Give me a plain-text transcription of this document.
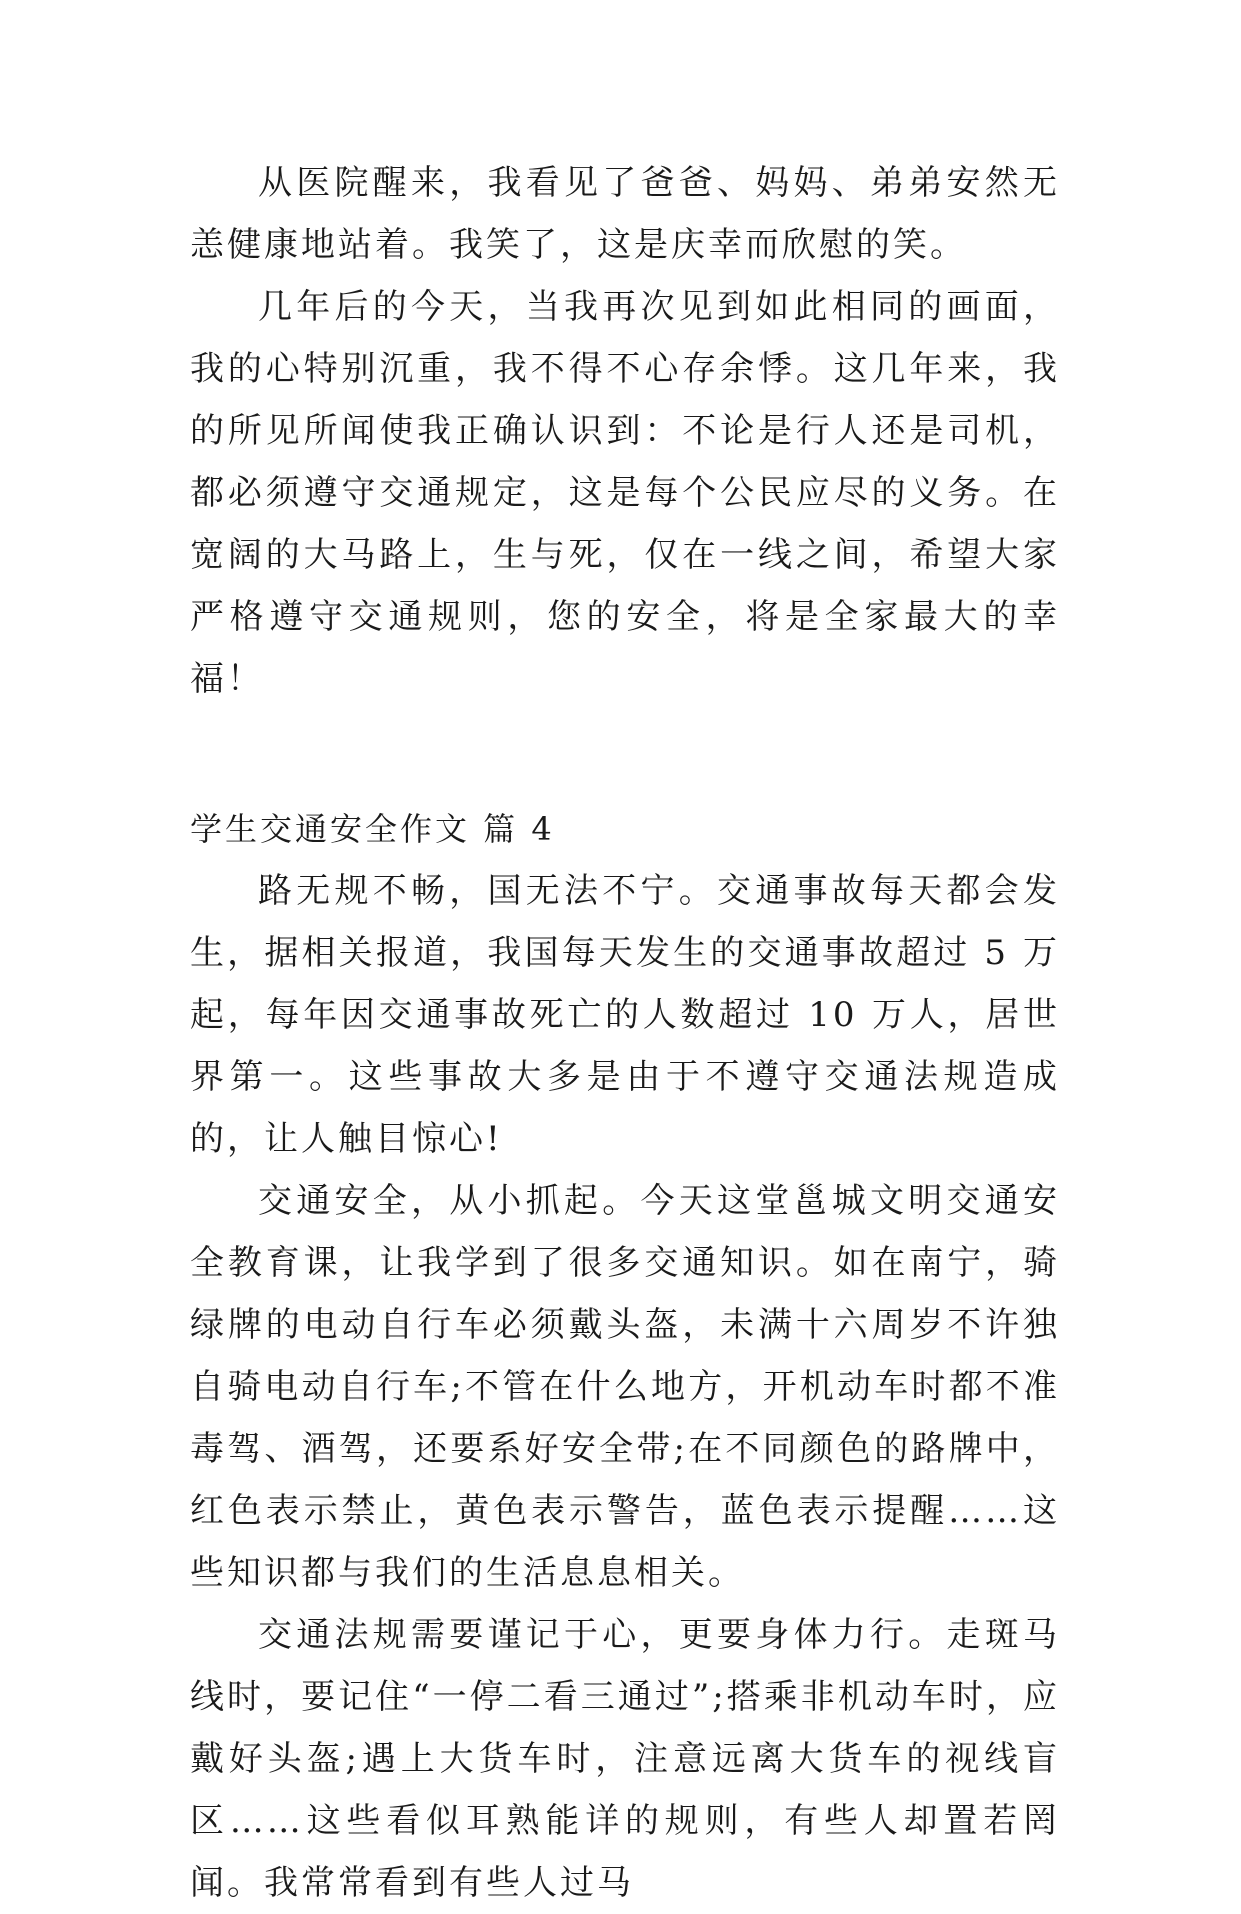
从医院醒来，我看见了爸爸、妈妈、弟弟安然无恙健康地站着。我笑了，这是庆幸而欣慰的笑。

几年后的今天，当我再次见到如此相同的画面，我的心特别沉重，我不得不心存余悸。这几年来，我的所见所闻使我正确认识到：不论是行人还是司机，都必须遵守交通规定，这是每个公民应尽的义务。在宽阔的大马路上，生与死，仅在一线之间，希望大家严格遵守交通规则，您的安全，将是全家最大的幸福！

学生交通安全作文 篇 4

路无规不畅，国无法不宁。交通事故每天都会发生，据相关报道，我国每天发生的交通事故超过 5 万起，每年因交通事故死亡的人数超过 10 万人，居世界第一。这些事故大多是由于不遵守交通法规造成的，让人触目惊心!

交通安全，从小抓起。今天这堂邕城文明交通安全教育课，让我学到了很多交通知识。如在南宁，骑绿牌的电动自行车必须戴头盔，未满十六周岁不许独自骑电动自行车;不管在什么地方，开机动车时都不准毒驾、酒驾，还要系好安全带;在不同颜色的路牌中，红色表示禁止，黄色表示警告，蓝色表示提醒……这些知识都与我们的生活息息相关。

交通法规需要谨记于心，更要身体力行。走斑马线时，要记住“一停二看三通过”;搭乘非机动车时，应戴好头盔;遇上大货车时，注意远离大货车的视线盲区……这些看似耳熟能详的规则，有些人却置若罔闻。我常常看到有些人过马
